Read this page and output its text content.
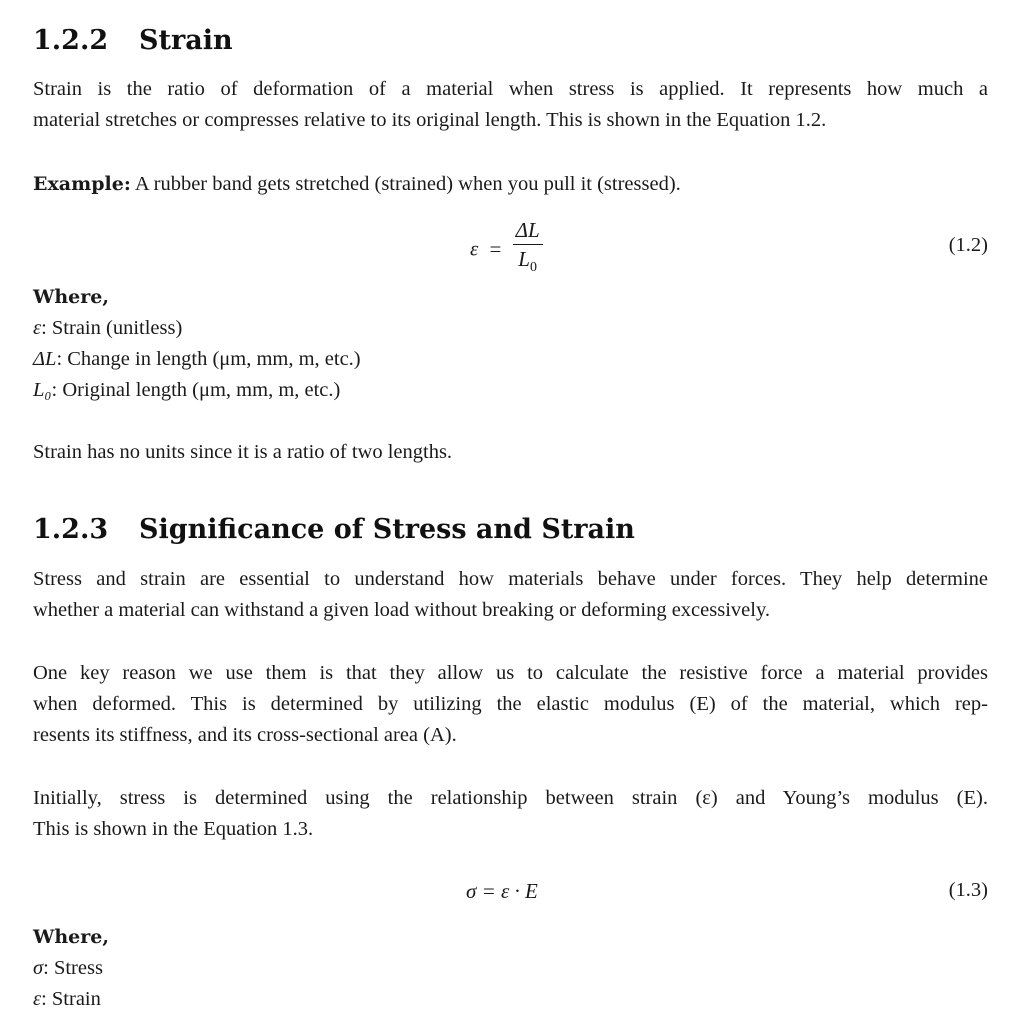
1.2.2 Strain
Strain is the ratio of deformation of a material when stress is applied. It represents how much a
material stretches or compresses relative to its original length. This is shown in the Equation 1.2.

Example: A rubber band gets stretched (strained) when you pull it (stressed).

$\varepsilon = \frac{\Delta L}{L_0}$	(1.2)
Where,
ε: Strain (unitless)
ΔL: Change in length (μm, mm, m, etc.)
L₀: Original length (μm, mm, m, etc.)

Strain has no units since it is a ratio of two lengths.

1.2.3 Significance of Stress and Strain
Stress and strain are essential to understand how materials behave under forces. They help determine
whether a material can withstand a given load without breaking or deforming excessively.
One key reason we use them is that they allow us to calculate the resistive force a material provides
when deformed. This is determined by utilizing the elastic modulus (E) of the material, which rep-
resents its stiffness, and its cross-sectional area (A).
Initially, stress is determined using the relationship between strain (ε) and Young’s modulus (E).
This is shown in the Equation 1.3.
σ = ε · E	(1.3)
Where,
σ: Stress
ε: Strain
